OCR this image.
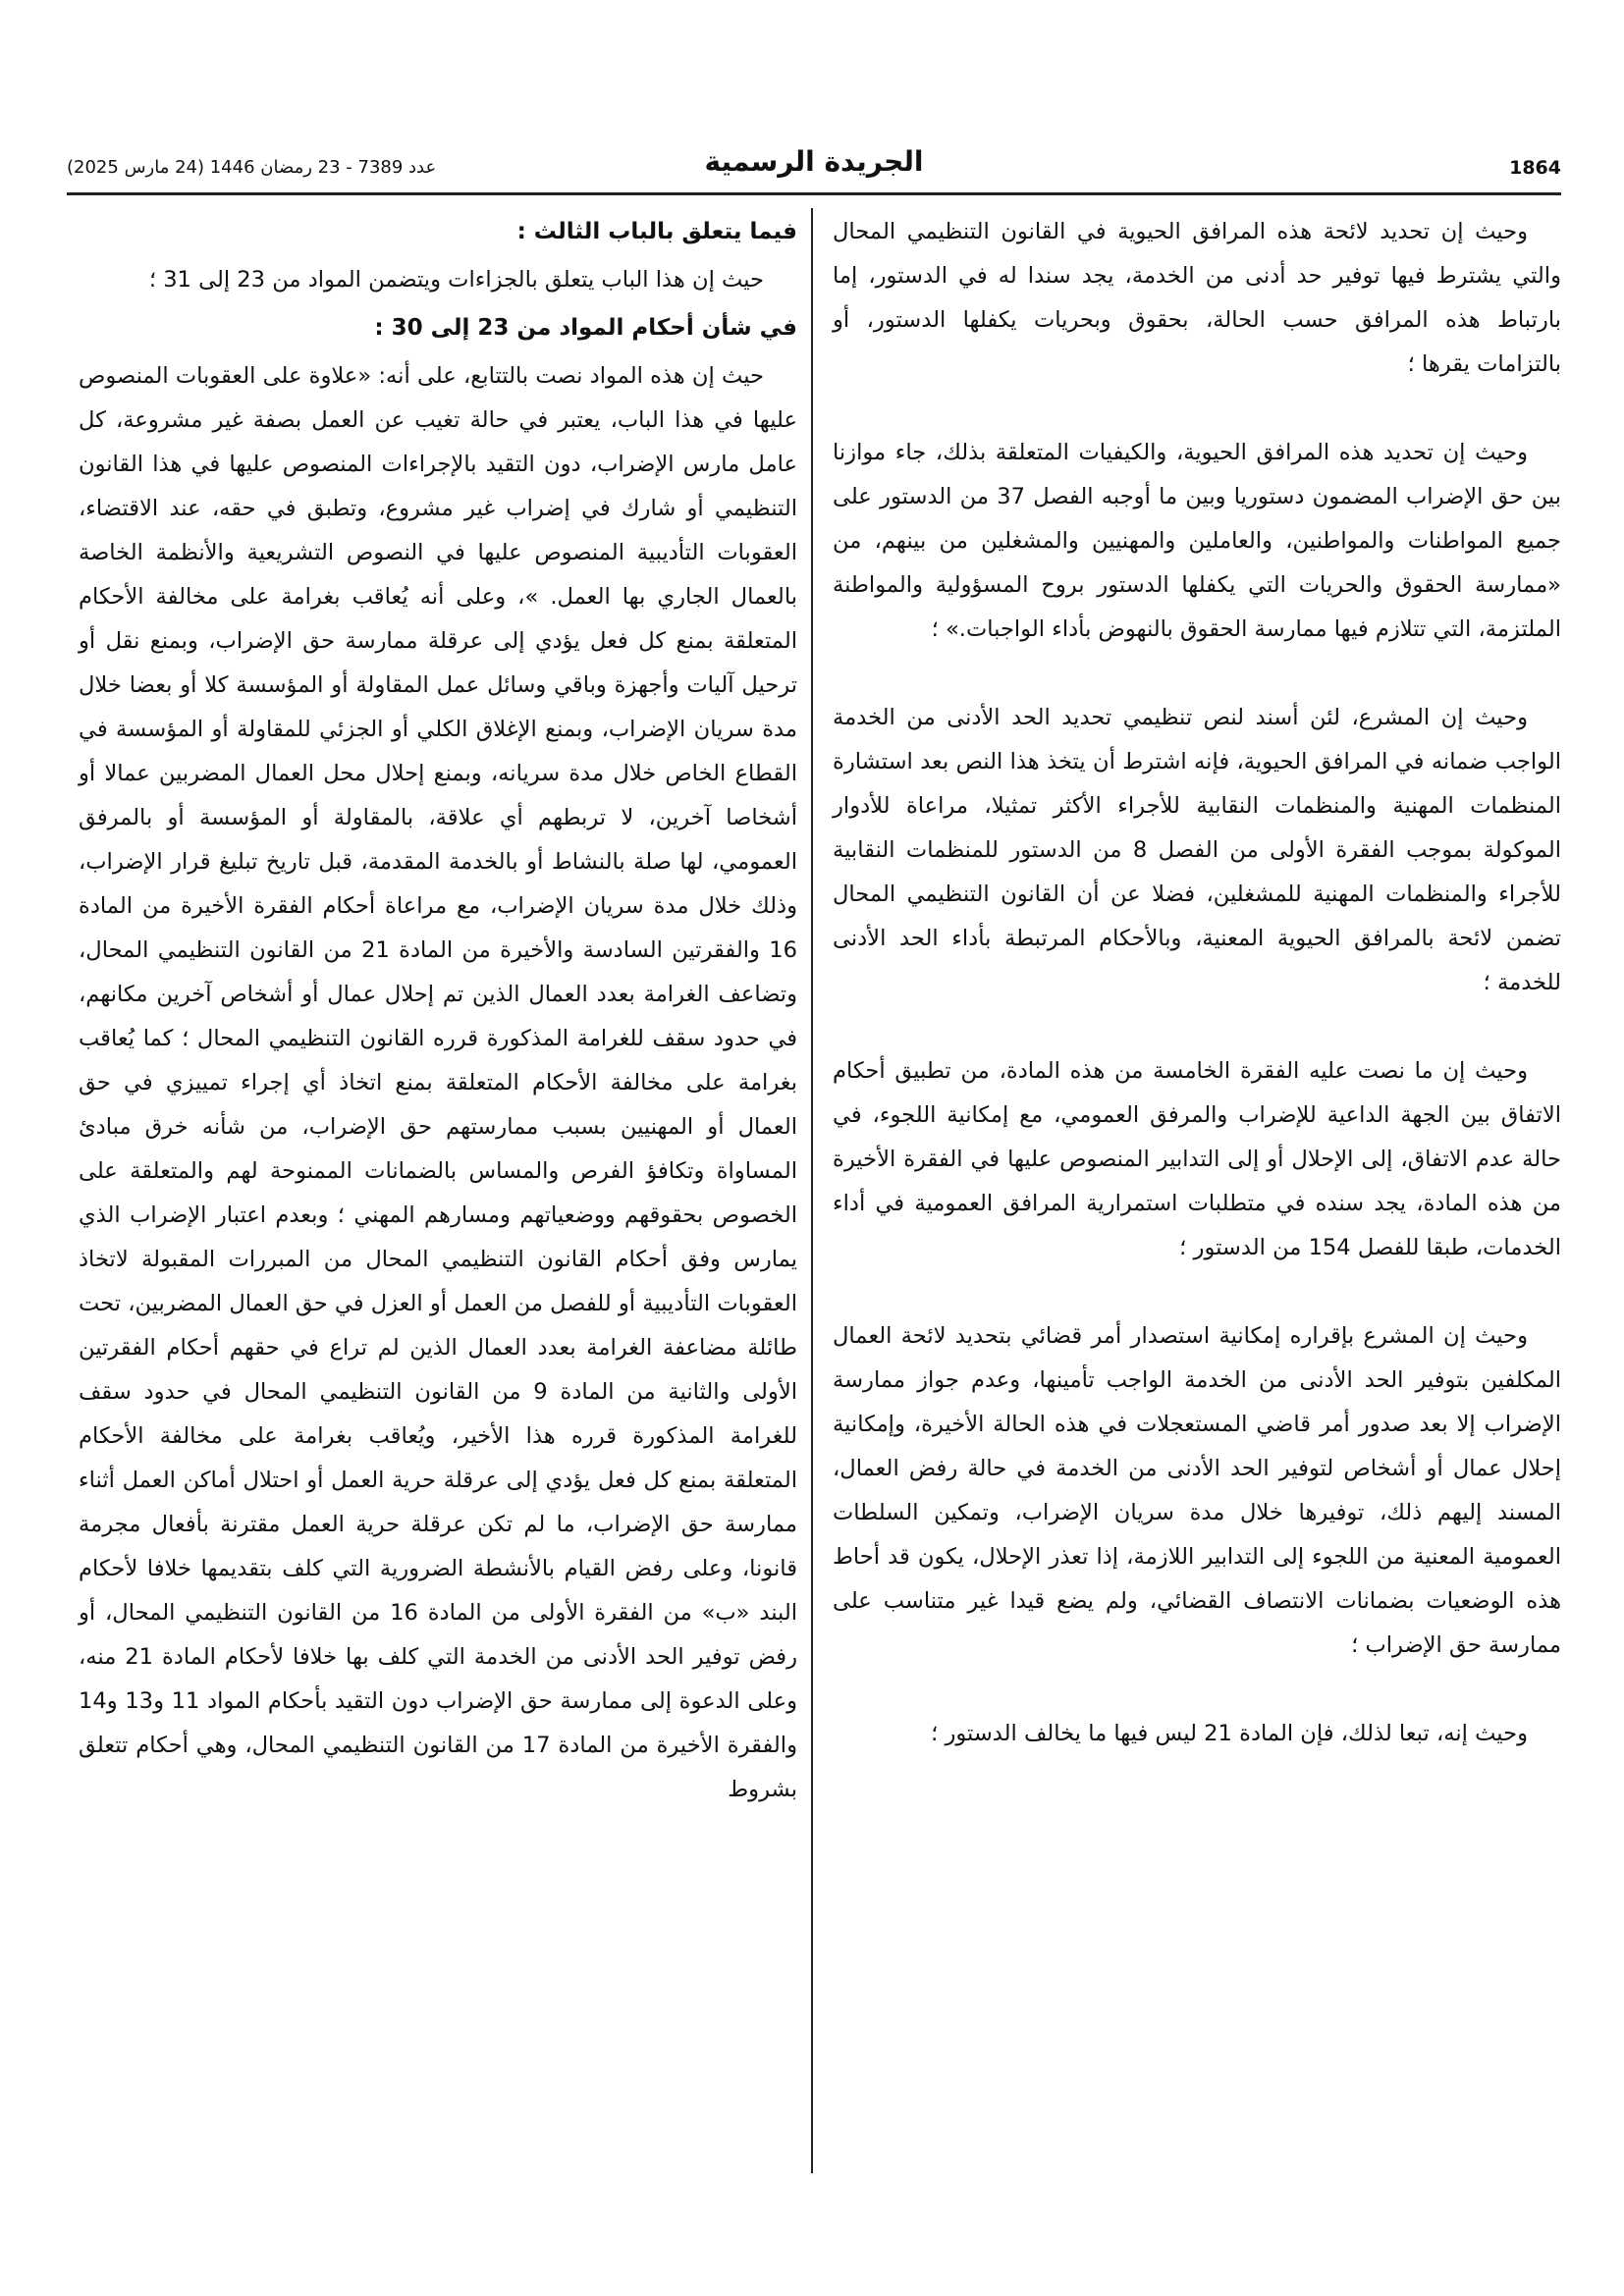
1864
الجريدة الرسمية
عدد 7389 - 23 رمضان 1446 (24 مارس 2025)

وحيث إن تحديد لائحة هذه المرافق الحيوية في القانون التنظيمي المحال والتي يشترط فيها توفير حد أدنى من الخدمة، يجد سندا له في الدستور، إما بارتباط هذه المرافق حسب الحالة، بحقوق وبحريات يكفلها الدستور، أو بالتزامات يقرها ؛

وحيث إن تحديد هذه المرافق الحيوية، والكيفيات المتعلقة بذلك، جاء موازنا بين حق الإضراب المضمون دستوريا وبين ما أوجبه الفصل 37 من الدستور على جميع المواطنات والمواطنين، والعاملين والمهنيين والمشغلين من بينهم، من «ممارسة الحقوق والحريات التي يكفلها الدستور بروح المسؤولية والمواطنة الملتزمة، التي تتلازم فيها ممارسة الحقوق بالنهوض بأداء الواجبات.» ؛

وحيث إن المشرع، لئن أسند لنص تنظيمي تحديد الحد الأدنى من الخدمة الواجب ضمانه في المرافق الحيوية، فإنه اشترط أن يتخذ هذا النص بعد استشارة المنظمات المهنية والمنظمات النقابية للأجراء الأكثر تمثيلا، مراعاة للأدوار الموكولة بموجب الفقرة الأولى من الفصل 8 من الدستور للمنظمات النقابية للأجراء والمنظمات المهنية للمشغلين، فضلا عن أن القانون التنظيمي المحال تضمن لائحة بالمرافق الحيوية المعنية، وبالأحكام المرتبطة بأداء الحد الأدنى للخدمة ؛

وحيث إن ما نصت عليه الفقرة الخامسة من هذه المادة، من تطبيق أحكام الاتفاق بين الجهة الداعية للإضراب والمرفق العمومي، مع إمكانية اللجوء، في حالة عدم الاتفاق، إلى الإحلال أو إلى التدابير المنصوص عليها في الفقرة الأخيرة من هذه المادة، يجد سنده في متطلبات استمرارية المرافق العمومية في أداء الخدمات، طبقا للفصل 154 من الدستور ؛

وحيث إن المشرع بإقراره إمكانية استصدار أمر قضائي بتحديد لائحة العمال المكلفين بتوفير الحد الأدنى من الخدمة الواجب تأمينها، وعدم جواز ممارسة الإضراب إلا بعد صدور أمر قاضي المستعجلات في هذه الحالة الأخيرة، وإمكانية إحلال عمال أو أشخاص لتوفير الحد الأدنى من الخدمة في حالة رفض العمال، المسند إليهم ذلك، توفيرها خلال مدة سريان الإضراب، وتمكين السلطات العمومية المعنية من اللجوء إلى التدابير اللازمة، إذا تعذر الإحلال، يكون قد أحاط هذه الوضعيات بضمانات الانتصاف القضائي، ولم يضع قيدا غير متناسب على ممارسة حق الإضراب ؛

وحيث إنه، تبعا لذلك، فإن المادة 21 ليس فيها ما يخالف الدستور ؛

فيما يتعلق بالباب الثالث :

حيث إن هذا الباب يتعلق بالجزاءات ويتضمن المواد من 23 إلى 31 ؛

في شأن أحكام المواد من 23 إلى 30 :

حيث إن هذه المواد نصت بالتتابع، على أنه: «علاوة على العقوبات المنصوص عليها في هذا الباب، يعتبر في حالة تغيب عن العمل بصفة غير مشروعة، كل عامل مارس الإضراب، دون التقيد بالإجراءات المنصوص عليها في هذا القانون التنظيمي أو شارك في إضراب غير مشروع، وتطبق في حقه، عند الاقتضاء، العقوبات التأديبية المنصوص عليها في النصوص التشريعية والأنظمة الخاصة بالعمال الجاري بها العمل. »، وعلى أنه يُعاقب بغرامة على مخالفة الأحكام المتعلقة بمنع كل فعل يؤدي إلى عرقلة ممارسة حق الإضراب، وبمنع نقل أو ترحيل آليات وأجهزة وباقي وسائل عمل المقاولة أو المؤسسة كلا أو بعضا خلال مدة سريان الإضراب، وبمنع الإغلاق الكلي أو الجزئي للمقاولة أو المؤسسة في القطاع الخاص خلال مدة سريانه، وبمنع إحلال محل العمال المضربين عمالا أو أشخاصا آخرين، لا تربطهم أي علاقة، بالمقاولة أو المؤسسة أو بالمرفق العمومي، لها صلة بالنشاط أو بالخدمة المقدمة، قبل تاريخ تبليغ قرار الإضراب، وذلك خلال مدة سريان الإضراب، مع مراعاة أحكام الفقرة الأخيرة من المادة 16 والفقرتين السادسة والأخيرة من المادة 21 من القانون التنظيمي المحال، وتضاعف الغرامة بعدد العمال الذين تم إحلال عمال أو أشخاص آخرين مكانهم، في حدود سقف للغرامة المذكورة قرره القانون التنظيمي المحال ؛ كما يُعاقب بغرامة على مخالفة الأحكام المتعلقة بمنع اتخاذ أي إجراء تمييزي في حق العمال أو المهنيين بسبب ممارستهم حق الإضراب، من شأنه خرق مبادئ المساواة وتكافؤ الفرص والمساس بالضمانات الممنوحة لهم والمتعلقة على الخصوص بحقوقهم ووضعياتهم ومسارهم المهني ؛ وبعدم اعتبار الإضراب الذي يمارس وفق أحكام القانون التنظيمي المحال من المبررات المقبولة لاتخاذ العقوبات التأديبية أو للفصل من العمل أو العزل في حق العمال المضربين، تحت طائلة مضاعفة الغرامة بعدد العمال الذين لم تراع في حقهم أحكام الفقرتين الأولى والثانية من المادة 9 من القانون التنظيمي المحال في حدود سقف للغرامة المذكورة قرره هذا الأخير، ويُعاقب بغرامة على مخالفة الأحكام المتعلقة بمنع كل فعل يؤدي إلى عرقلة حرية العمل أو احتلال أماكن العمل أثناء ممارسة حق الإضراب، ما لم تكن عرقلة حرية العمل مقترنة بأفعال مجرمة قانونا، وعلى رفض القيام بالأنشطة الضرورية التي كلف بتقديمها خلافا لأحكام البند «ب» من الفقرة الأولى من المادة 16 من القانون التنظيمي المحال، أو رفض توفير الحد الأدنى من الخدمة التي كلف بها خلافا لأحكام المادة 21 منه، وعلى الدعوة إلى ممارسة حق الإضراب دون التقيد بأحكام المواد 11 و13 و14 والفقرة الأخيرة من المادة 17 من القانون التنظيمي المحال، وهي أحكام تتعلق بشروط
